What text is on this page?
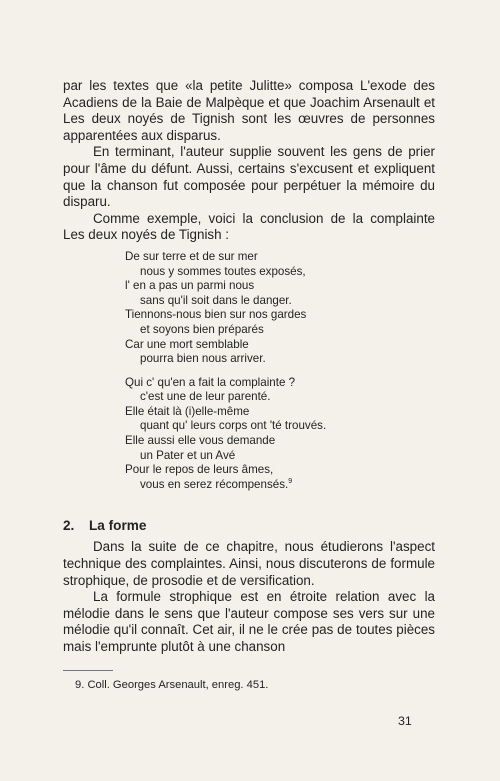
par les textes que «la petite Julitte» composa L'exode des Acadiens de la Baie de Malpèque et que Joachim Arsenault et Les deux noyés de Tignish sont les œuvres de personnes apparentées aux disparus.

En terminant, l'auteur supplie souvent les gens de prier pour l'âme du défunt. Aussi, certains s'excusent et expliquent que la chanson fut composée pour perpétuer la mémoire du disparu.

Comme exemple, voici la conclusion de la complainte Les deux noyés de Tignish :

De sur terre et de sur mer
nous y sommes toutes exposés,
l' en a pas un parmi nous
sans qu'il soit dans le danger.
Tiennons-nous bien sur nos gardes
et soyons bien préparés
Car une mort semblable
pourra bien nous arriver.
Qui c' qu'en a fait la complainte ?
c'est une de leur parenté.
Elle était là (i)elle-même
quant qu' leurs corps ont 'té trouvés.
Elle aussi elle vous demande
un Pater et un Avé
Pour le repos de leurs âmes,
vous en serez récompensés.$^9$
2. La forme

Dans la suite de ce chapitre, nous étudierons l'aspect technique des complaintes. Ainsi, nous discuterons de formule strophique, de prosodie et de versification.

La formule strophique est en étroite relation avec la mélodie dans le sens que l'auteur compose ses vers sur une mélodie qu'il connaît. Cet air, il ne le crée pas de toutes pièces mais l'emprunte plutôt à une chanson

9. Coll. Georges Arsenault, enreg. 451.
31
